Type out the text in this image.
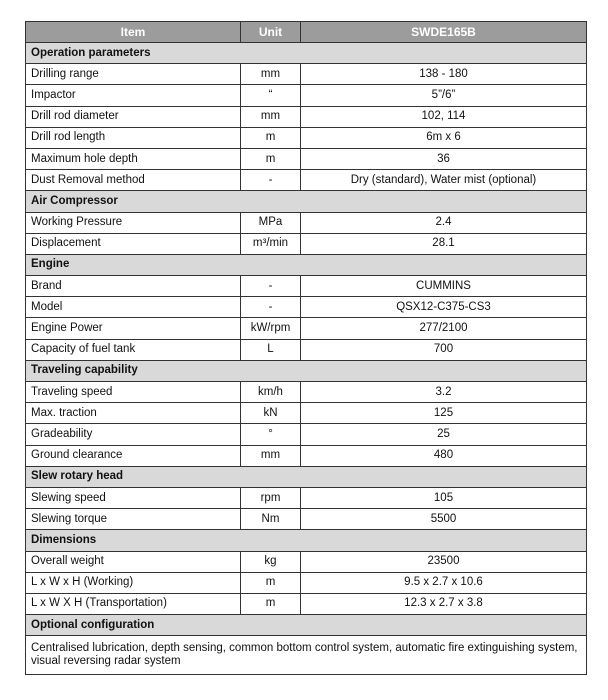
Item	Unit	SWDE165B
Operation parameters		
Drilling range	mm	138 - 180
Impactor	“	5”/6”
Drill rod diameter	mm	102, 114
Drill rod length	m	6m x 6
Maximum hole depth	m	36
Dust Removal method	-	Dry (standard), Water mist (optional)
Air Compressor		
Working Pressure	MPa	2.4
Displacement	m³/min	28.1
Engine		
Brand	-	CUMMINS
Model	-	QSX12-C375-CS3
Engine Power	kW/rpm	277/2100
Capacity of fuel tank	L	700
Traveling capability		
Traveling speed	km/h	3.2
Max. traction	kN	125
Gradeability	°	25
Ground clearance	mm	480
Slew rotary head		
Slewing speed	rpm	105
Slewing torque	Nm	5500
Dimensions		
Overall weight	kg	23500
L x W x H (Working)	m	9.5 x 2.7 x 10.6
L x W X H (Transportation)	m	12.3 x 2.7 x 3.8
Optional configuration		
Centralised lubrication, depth sensing, common bottom control system, automatic fire extinguishing system, visual reversing radar system		
